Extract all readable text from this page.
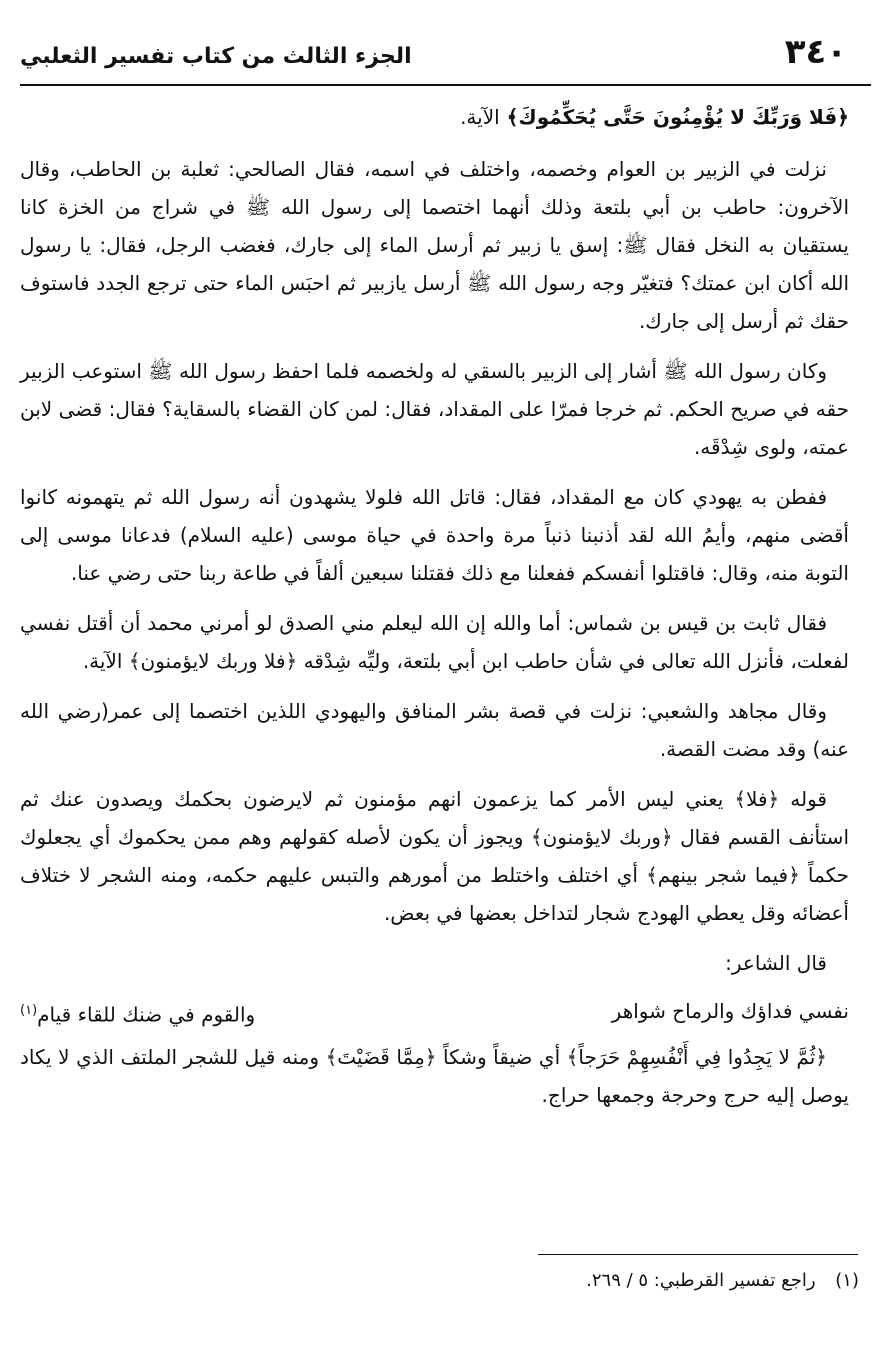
٣٤٠
الجزء الثالث من كتاب تفسير الثعلبي

﴿فَلا وَرَبِّكَ لا يُؤْمِنُونَ حَتَّى يُحَكِّمُوكَ﴾ الآية.

نزلت في الزبير بن العوام وخصمه، واختلف في اسمه، فقال الصالحي: ثعلبة بن الحاطب، وقال الآخرون: حاطب بن أبي بلتعة وذلك أنهما اختصما إلى رسول الله ﷺ في شراج من الخزة كانا يستقيان به النخل فقال ﷺ: إسق يا زبير ثم أرسل الماء إلى جارك، فغضب الرجل، فقال: يا رسول الله أكان ابن عمتك؟ فتغيّر وجه رسول الله ﷺ أرسل يازبير ثم احبَس الماء حتى ترجع الجدد فاستوف حقك ثم أرسل إلى جارك.

وكان رسول الله ﷺ أشار إلى الزبير بالسقي له ولخصمه فلما احفظ رسول الله ﷺ استوعب الزبير حقه في صريح الحكم. ثم خرجا فمرّا على المقداد، فقال: لمن كان القضاء بالسقاية؟ فقال: قضى لابن عمته، ولوى شِدْقَه.

ففطن به يهودي كان مع المقداد، فقال: قاتل الله فلولا يشهدون أنه رسول الله ثم يتهمونه كانوا أقضى منهم، وأيمُ الله لقد أذنبنا ذنباً مرة واحدة في حياة موسى (عليه السلام) فدعانا موسى إلى التوبة منه، وقال: فاقتلوا أنفسكم ففعلنا مع ذلك فقتلنا سبعين ألفاً في طاعة ربنا حتى رضي عنا.

فقال ثابت بن قيس بن شماس: أما والله إن الله ليعلم مني الصدق لو أمرني محمد أن أقتل نفسي لفعلت، فأنزل الله تعالى في شأن حاطب ابن أبي بلتعة، وليِّه شِدْقه ﴿فلا وربك لايؤمنون﴾ الآية.

وقال مجاهد والشعبي: نزلت في قصة بشر المنافق واليهودي اللذين اختصما إلى عمر(رضي الله عنه) وقد مضت القصة.

قوله ﴿فلا﴾ يعني ليس الأمر كما يزعمون انهم مؤمنون ثم لايرضون بحكمك ويصدون عنك ثم استأنف القسم فقال ﴿وربك لايؤمنون﴾ ويجوز أن يكون لأصله كقولهم وهم ممن يحكموك أي يجعلوك حكماً ﴿فيما شجر بينهم﴾ أي اختلف واختلط من أمورهم والتبس عليهم حكمه، ومنه الشجر لا ختلاف أعضائه وقل يعطي الهودج شجار لتداخل بعضها في بعض.

قال الشاعر:

نفسي فداؤك والرماح شواهر
والقوم في ضنك للقاء قيام$^{(١)}$

﴿ثُمَّ لا يَجِدُوا فِي أَنْفُسِهِمْ حَرَجاً﴾ أي ضيقاً وشكاً ﴿مِمَّا قَضَيْتَ﴾ ومنه قيل للشجر الملتف الذي لا يكاد يوصل إليه حرج وحرجة وجمعها حراج.

(١) راجع تفسير القرطبي: ٥ / ٢٦٩.
